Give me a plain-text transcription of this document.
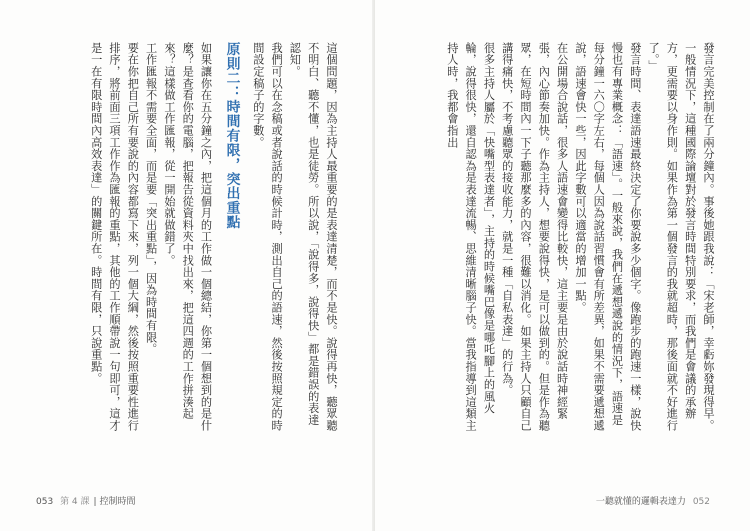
這個問題，因為主持人最重要的是表達清楚，而不是快。說得再快，聽眾聽不明白、聽不懂，也是徒勞。所以說，「說得多，說得快」都是錯誤的表達認知。

我們可以在念稿或者說話的時候計時，測出自己的語速，然後按照規定的時間設定稿子的字數。

原則二：時間有限，突出重點

如果讓你在五分鐘之內，把這個月的工作做一個總結，你第一個想到的是什麼？是查看你的電腦，把報告從資料夾中找出來，把這四週的工作拼湊起來？這樣做工作匯報，從一開始就做錯了。

工作匯報不需要全面，而是要「突出重點」，因為時間有限。

要在你把自己所有要說的內容都寫下來，列一個大綱，然後按照重要性進行排序，將前面三項工作作為匯報的重點，其他的工作順帶說一句即可，這才是一在有限時間內高效表達」的關鍵所在。時間有限，只說重點。

053 第 4 課 | 控制時間

發言完美控制在了兩分鐘內。事後她跟我說：「宋老師，幸虧妳發現得早。一般情況下，這種國際論壇對於發言時間特別要求，而我們是會議的承辦方，更需要以身作則。如果作為第一個發言的我就超時，那後面就不好進行了。」

發言時間、表達語速最終決定了你要說多少個字。像跑步的跑速一樣，說快慢也有專業概念：「語速」。一般來說，我們在遞想遞說的情況下，語速是每分鐘一六〇字左右，每個人因為說話習慣會有所差異，如果不需要遞想遞說，語速會快一些，因此字數可以適當的增加一點。

在公開場合說話，很多人語速會變得比較快，這主要是由於說話時神經緊張，內心節奏加快。作為主持人，想要說得快，是可以做到的。但是作為聽眾，在短時間內一下子聽那麼多的內容，很難以消化。如果主持人只顧自己講得痛快，不考慮聽眾的接收能力，就是一種「自私表達」的行為。

很多主持人屬於「快嘴型表達者」，主持的時候嘴巴像是哪吒腳上的風火輪，說得很快，還自認為是表達流暢、思維清晰腦子快。當我指導到這類主持人時，我都會指出

一聽就懂的邏輯表達力 052
